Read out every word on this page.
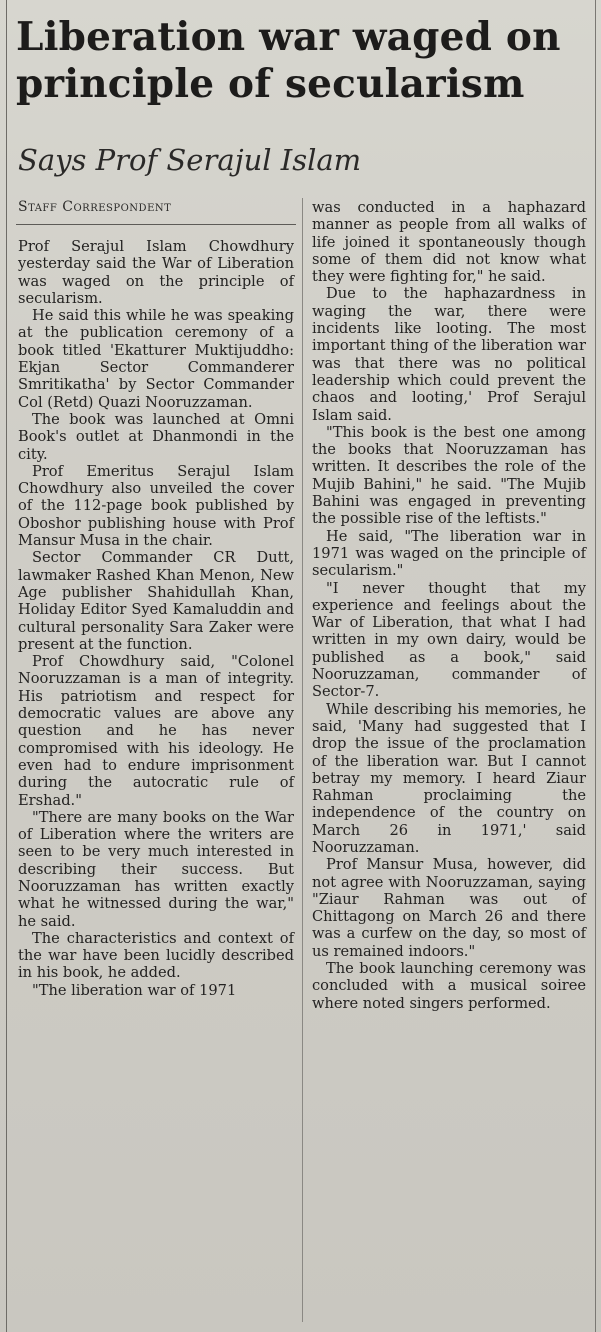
Liberation war waged on principle of secularism
Says Prof Serajul Islam
Staff Correspondent

Prof Serajul Islam Chowdhury yesterday said the War of Liberation was waged on the principle of secularism.

He said this while he was speaking at the publication ceremony of a book titled 'Ekatturer Muktijuddho: Ekjan Sector Commanderer Smritikatha' by Sector Commander Col (Retd) Quazi Nooruzzaman.

The book was launched at Omni Book's outlet at Dhanmondi in the city.

Prof Emeritus Serajul Islam Chowdhury also unveiled the cover of the 112-page book published by Oboshor publishing house with Prof Mansur Musa in the chair.

Sector Commander CR Dutt, lawmaker Rashed Khan Menon, New Age publisher Shahidullah Khan, Holiday Editor Syed Kamaluddin and cultural personality Sara Zaker were present at the function.

Prof Chowdhury said, "Colonel Nooruzzaman is a man of integrity. His patriotism and respect for democratic values are above any question and he has never compromised with his ideology. He even had to endure imprisonment during the autocratic rule of Ershad."

"There are many books on the War of Liberation where the writers are seen to be very much interested in describing their success. But Nooruzzaman has written exactly what he witnessed during the war," he said.

The characteristics and context of the war have been lucidly described in his book, he added.

"The liberation war of 1971

was conducted in a haphazard manner as people from all walks of life joined it spontaneously though some of them did not know what they were fighting for," he said.

Due to the haphazardness in waging the war, there were incidents like looting. The most important thing of the liberation war was that there was no political leadership which could prevent the chaos and looting,' Prof Serajul Islam said.

"This book is the best one among the books that Nooruzzaman has written. It describes the role of the Mujib Bahini," he said. "The Mujib Bahini was engaged in preventing the possible rise of the leftists."

He said, "The liberation war in 1971 was waged on the principle of secularism."

"I never thought that my experience and feelings about the War of Liberation, that what I had written in my own dairy, would be published as a book," said Nooruzzaman, commander of Sector-7.

While describing his memories, he said, 'Many had suggested that I drop the issue of the proclamation of the liberation war. But I cannot betray my memory. I heard Ziaur Rahman proclaiming the independence of the country on March 26 in 1971,' said Nooruzzaman.

Prof Mansur Musa, however, did not agree with Nooruzzaman, saying "Ziaur Rahman was out of Chittagong on March 26 and there was a curfew on the day, so most of us remained indoors."

The book launching ceremony was concluded with a musical soiree where noted singers performed.
